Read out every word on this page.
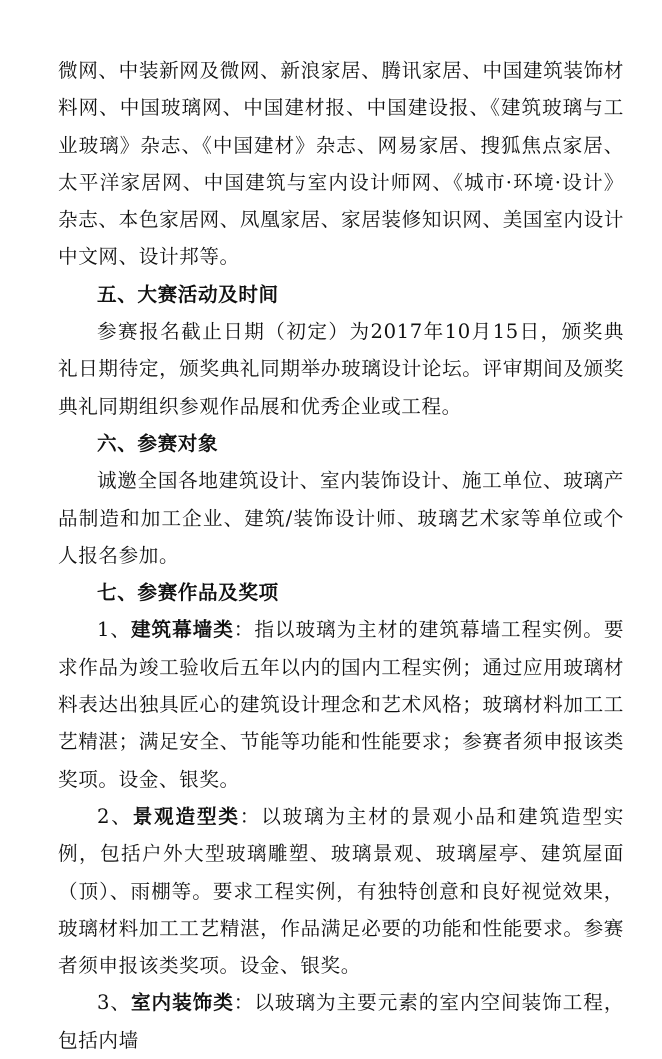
微网、中装新网及微网、新浪家居、腾讯家居、中国建筑装饰材料网、中国玻璃网、中国建材报、中国建设报、《建筑玻璃与工业玻璃》杂志、《中国建材》杂志、网易家居、搜狐焦点家居、太平洋家居网、中国建筑与室内设计师网、《城市·环境·设计》杂志、本色家居网、凤凰家居、家居装修知识网、美国室内设计中文网、设计邦等。

五、大赛活动及时间

参赛报名截止日期（初定）为2017年10月15日，颁奖典礼日期待定，颁奖典礼同期举办玻璃设计论坛。评审期间及颁奖典礼同期组织参观作品展和优秀企业或工程。

六、参赛对象

诚邀全国各地建筑设计、室内装饰设计、施工单位、玻璃产品制造和加工企业、建筑/装饰设计师、玻璃艺术家等单位或个人报名参加。

七、参赛作品及奖项

1、建筑幕墙类：指以玻璃为主材的建筑幕墙工程实例。要求作品为竣工验收后五年以内的国内工程实例；通过应用玻璃材料表达出独具匠心的建筑设计理念和艺术风格；玻璃材料加工工艺精湛；满足安全、节能等功能和性能要求；参赛者须申报该类奖项。设金、银奖。

2、景观造型类：以玻璃为主材的景观小品和建筑造型实例，包括户外大型玻璃雕塑、玻璃景观、玻璃屋亭、建筑屋面（顶）、雨棚等。要求工程实例，有独特创意和良好视觉效果，玻璃材料加工工艺精湛，作品满足必要的功能和性能要求。参赛者须申报该类奖项。设金、银奖。

3、室内装饰类：以玻璃为主要元素的室内空间装饰工程，包括内墙
